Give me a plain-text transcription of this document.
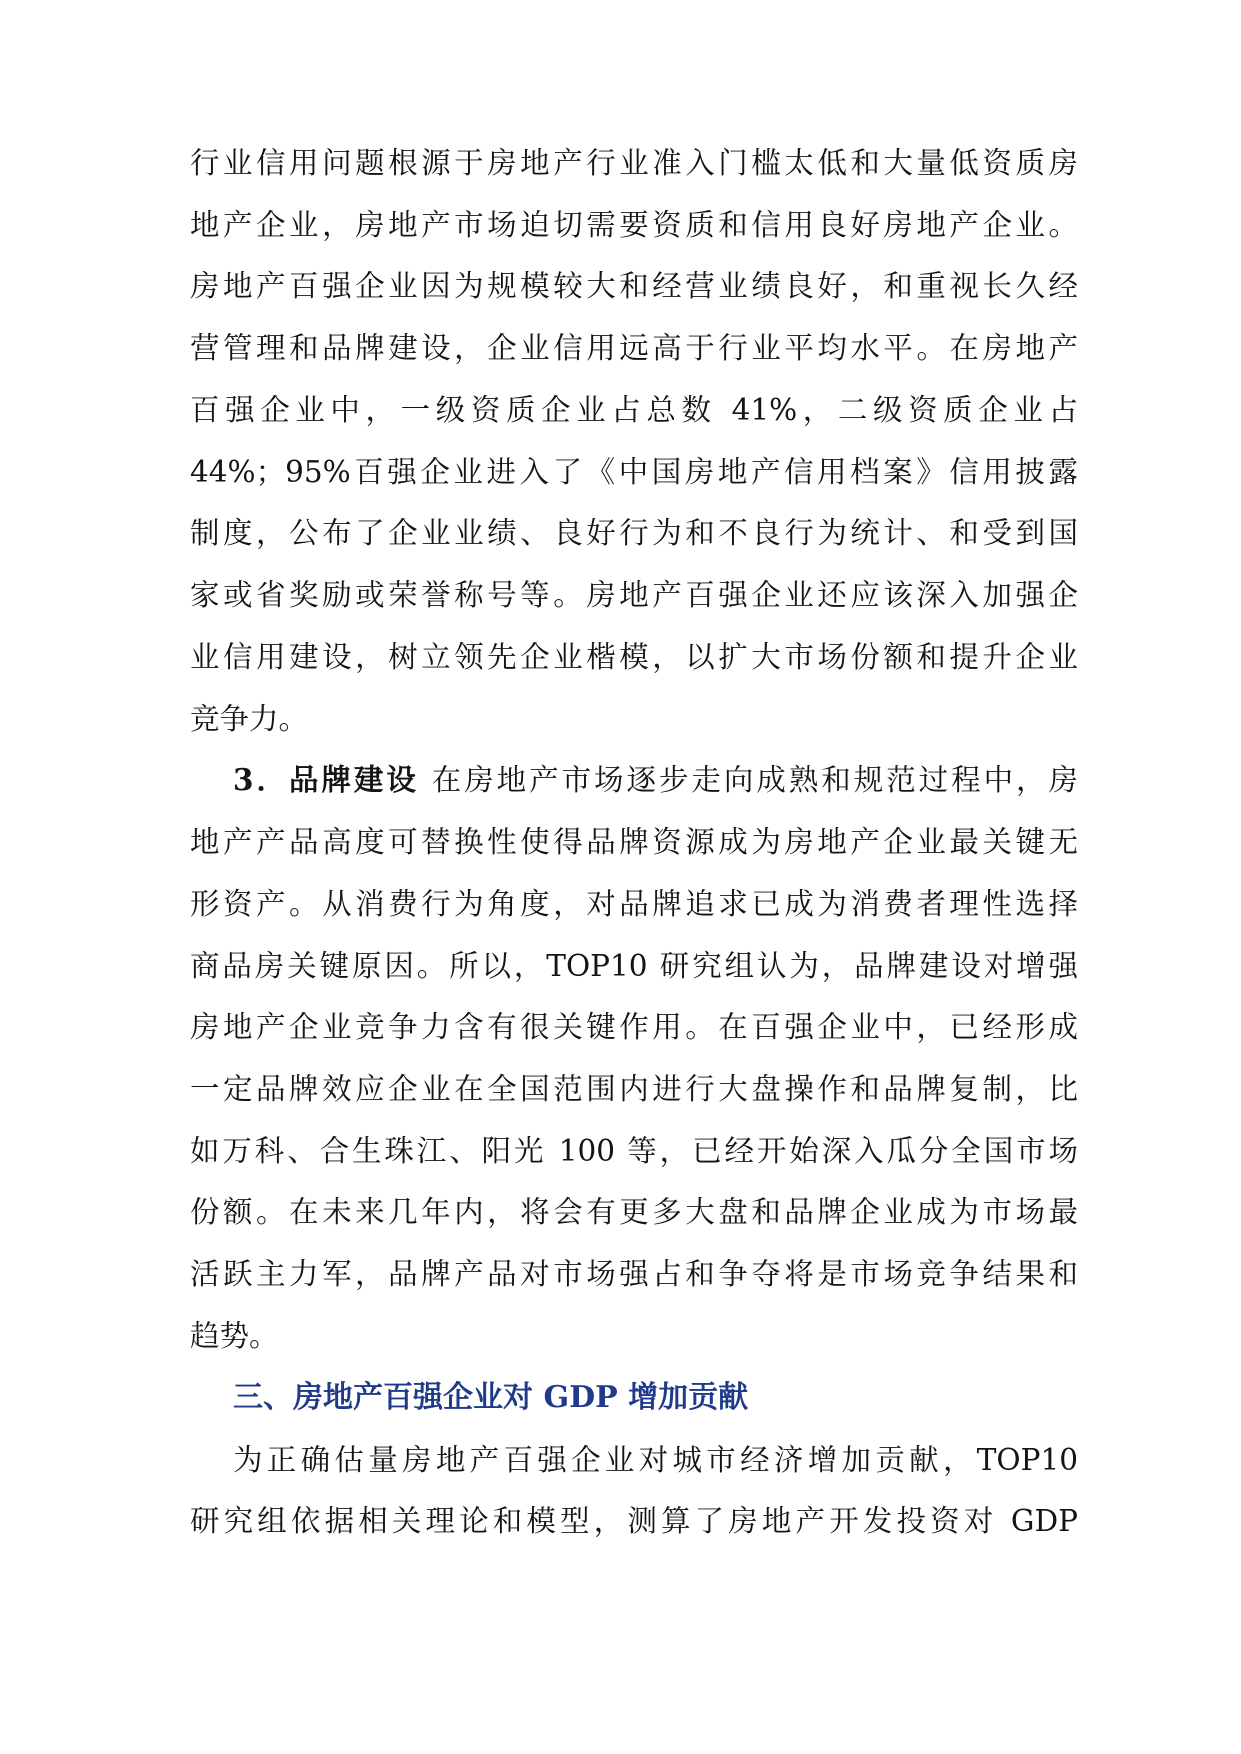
行业信用问题根源于房地产行业准入门槛太低和大量低资质房
地产企业，房地产市场迫切需要资质和信用良好房地产企业。
房地产百强企业因为规模较大和经营业绩良好，和重视长久经
营管理和品牌建设，企业信用远高于行业平均水平。在房地产
百强企业中，一级资质企业占总数 41%，二级资质企业占
44%；95%百强企业进入了《中国房地产信用档案》信用披露
制度，公布了企业业绩、良好行为和不良行为统计、和受到国
家或省奖励或荣誉称号等。房地产百强企业还应该深入加强企
业信用建设，树立领先企业楷模，以扩大市场份额和提升企业
竞争力。
3．品牌建设 在房地产市场逐步走向成熟和规范过程中，房
地产产品高度可替换性使得品牌资源成为房地产企业最关键无
形资产。从消费行为角度，对品牌追求已成为消费者理性选择
商品房关键原因。所以，TOP10 研究组认为，品牌建设对增强
房地产企业竞争力含有很关键作用。在百强企业中，已经形成
一定品牌效应企业在全国范围内进行大盘操作和品牌复制，比
如万科、合生珠江、阳光 100 等，已经开始深入瓜分全国市场
份额。在未来几年内，将会有更多大盘和品牌企业成为市场最
活跃主力军，品牌产品对市场强占和争夺将是市场竞争结果和
趋势。
三、房地产百强企业对 GDP 增加贡献
为正确估量房地产百强企业对城市经济增加贡献，TOP10
研究组依据相关理论和模型，测算了房地产开发投资对 GDP
